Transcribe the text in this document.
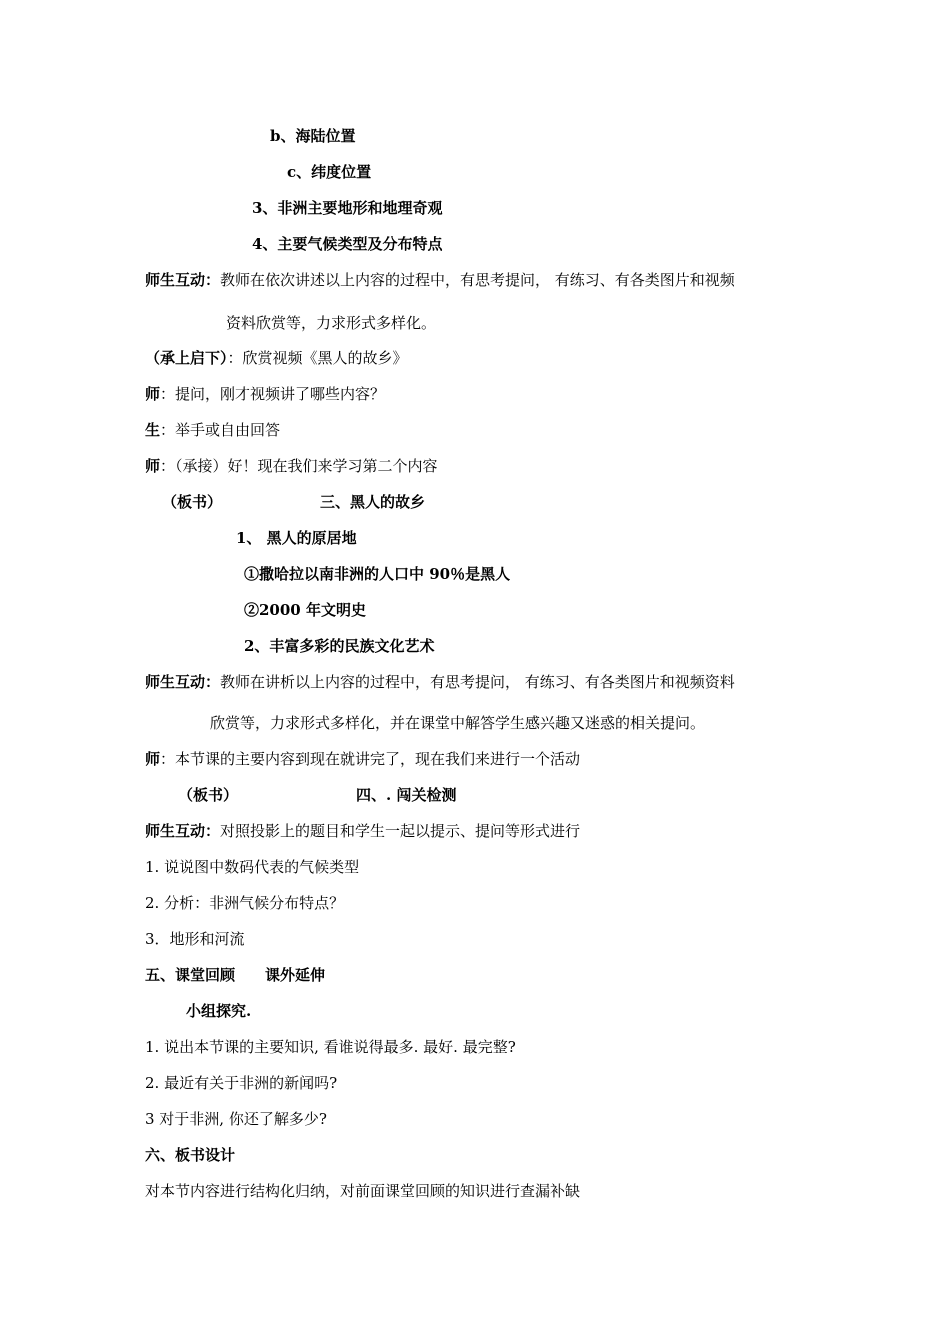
b、海陆位置
c、纬度位置
3、非洲主要地形和地理奇观
4、主要气候类型及分布特点
师生互动：教师在依次讲述以上内容的过程中，有思考提问， 有练习、有各类图片和视频
资料欣赏等，力求形式多样化。
（承上启下）：欣赏视频《黑人的故乡》
师：提问，刚才视频讲了哪些内容？
生：举手或自由回答
师：（承接）好！现在我们来学习第二个内容
（板书）	三、黑人的故乡
1、 黑人的原居地
①撒哈拉以南非洲的人口中 90％是黑人
②2000 年文明史
2、丰富多彩的民族文化艺术
师生互动：教师在讲析以上内容的过程中，有思考提问， 有练习、有各类图片和视频资料
欣赏等，力求形式多样化，并在课堂中解答学生感兴趣又迷惑的相关提问。
师：本节课的主要内容到现在就讲完了，现在我们来进行一个活动
（板书）	四、. 闯关检测
师生互动：对照投影上的题目和学生一起以提示、提问等形式进行
1. 说说图中数码代表的气候类型
2. 分析：非洲气候分布特点？
3．地形和河流
五、课堂回顾 课外延伸
小组探究.
1. 说出本节课的主要知识, 看谁说得最多. 最好. 最完整?
2. 最近有关于非洲的新闻吗?
3 对于非洲, 你还了解多少?
六、板书设计
对本节内容进行结构化归纳，对前面课堂回顾的知识进行查漏补缺
